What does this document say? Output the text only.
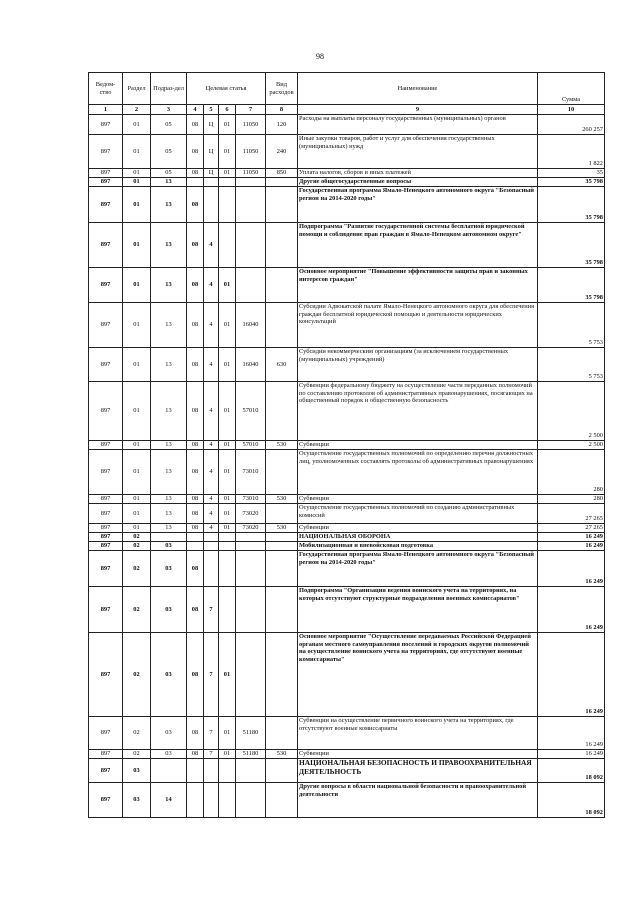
98
Ведом-ство	Раздел	Подраз-дел	Целевая статья				Вид расходов	Наименование	Сумма
1	2	3	4	5	6	7	8	9	10
897	01	05	08	Ц	01	11050	120	Расходы на выплаты персоналу государственных (муниципальных) органов	260 257
897	01	05	08	Ц	01	11050	240	Иные закупки товаров, работ и услуг для обеспечения государственных (муниципальных) нужд	1 822
897	01	05	08	Ц	01	11050	850	Уплата налогов, сборов и иных платежей	35
897	01	13						Другие общегосударственные вопросы	35 798
897	01	13	08					Государственная программа Ямало-Ненецкого автономного округа "Безопасный регион на 2014-2020 годы"	35 798
897	01	13	08	4				Подпрограмма "Развитие государственной системы бесплатной юридической помощи и соблюдение прав граждан в Ямало-Ненецком автономном округе"	35 798
897	01	13	08	4	01			Основное мероприятие "Повышение эффективности защиты прав и законных интересов граждан"	35 798
897	01	13	08	4	01	16040		Субсидии Адвокатской палате Ямало-Ненецкого автономного округа для обеспечения граждан бесплатной юридической помощью и деятельности юридических консультаций	5 753
897	01	13	08	4	01	16040	630	Субсидии некоммерческим организациям (за исключением государственных (муниципальных) учреждений)	5 753
897	01	13	08	4	01	57010		Субвенции федеральному бюджету на осуществление части переданных полномочий по составлению протоколов об административных правонарушениях, посягающих на общественный порядок и общественную безопасность	2 500
897	01	13	08	4	01	57010	530	Субвенции	2 500
897	01	13	08	4	01	73010		Осуществление государственных полномочий по определению перечня должностных лиц, уполномоченных составлять протоколы об административных правонарушениях	280
897	01	13	08	4	01	73010	530	Субвенции	280
897	01	13	08	4	01	73020		Осуществление государственных полномочий по созданию административных комиссий	27 265
897	01	13	08	4	01	73020	530	Субвенции	27 265
897	02							НАЦИОНАЛЬНАЯ ОБОРОНА	16 249
897	02	03						Мобилизационная и вневойсковая подготовка	16 249
897	02	03	08					Государственная программа Ямало-Ненецкого автономного округа "Безопасный регион на 2014-2020 годы"	16 249
897	02	03	08	7				Подпрограмма "Организация ведения воинского учета на территориях, на которых отсутствуют структурные подразделения военных комиссариатов"	16 249
897	02	03	08	7	01			Основное мероприятие "Осуществление передаваемых Российской Федерацией органам местного самоуправления поселений и городских округов полномочий на осуществление воинского учета на территориях, где отсутствуют военные комиссариаты"	16 249
897	02	03	08	7	01	51180		Субвенции на осуществление первичного воинского учета на территориях, где отсутствуют военные комиссариаты	16 249
897	02	03	08	7	01	51180	530	Субвенции	16 249
897	03							НАЦИОНАЛЬНАЯ БЕЗОПАСНОСТЬ И ПРАВООХРАНИТЕЛЬНАЯ ДЕЯТЕЛЬНОСТЬ	18 092
897	03	14						Другие вопросы в области национальной безопасности и правоохранительной деятельности	18 092
